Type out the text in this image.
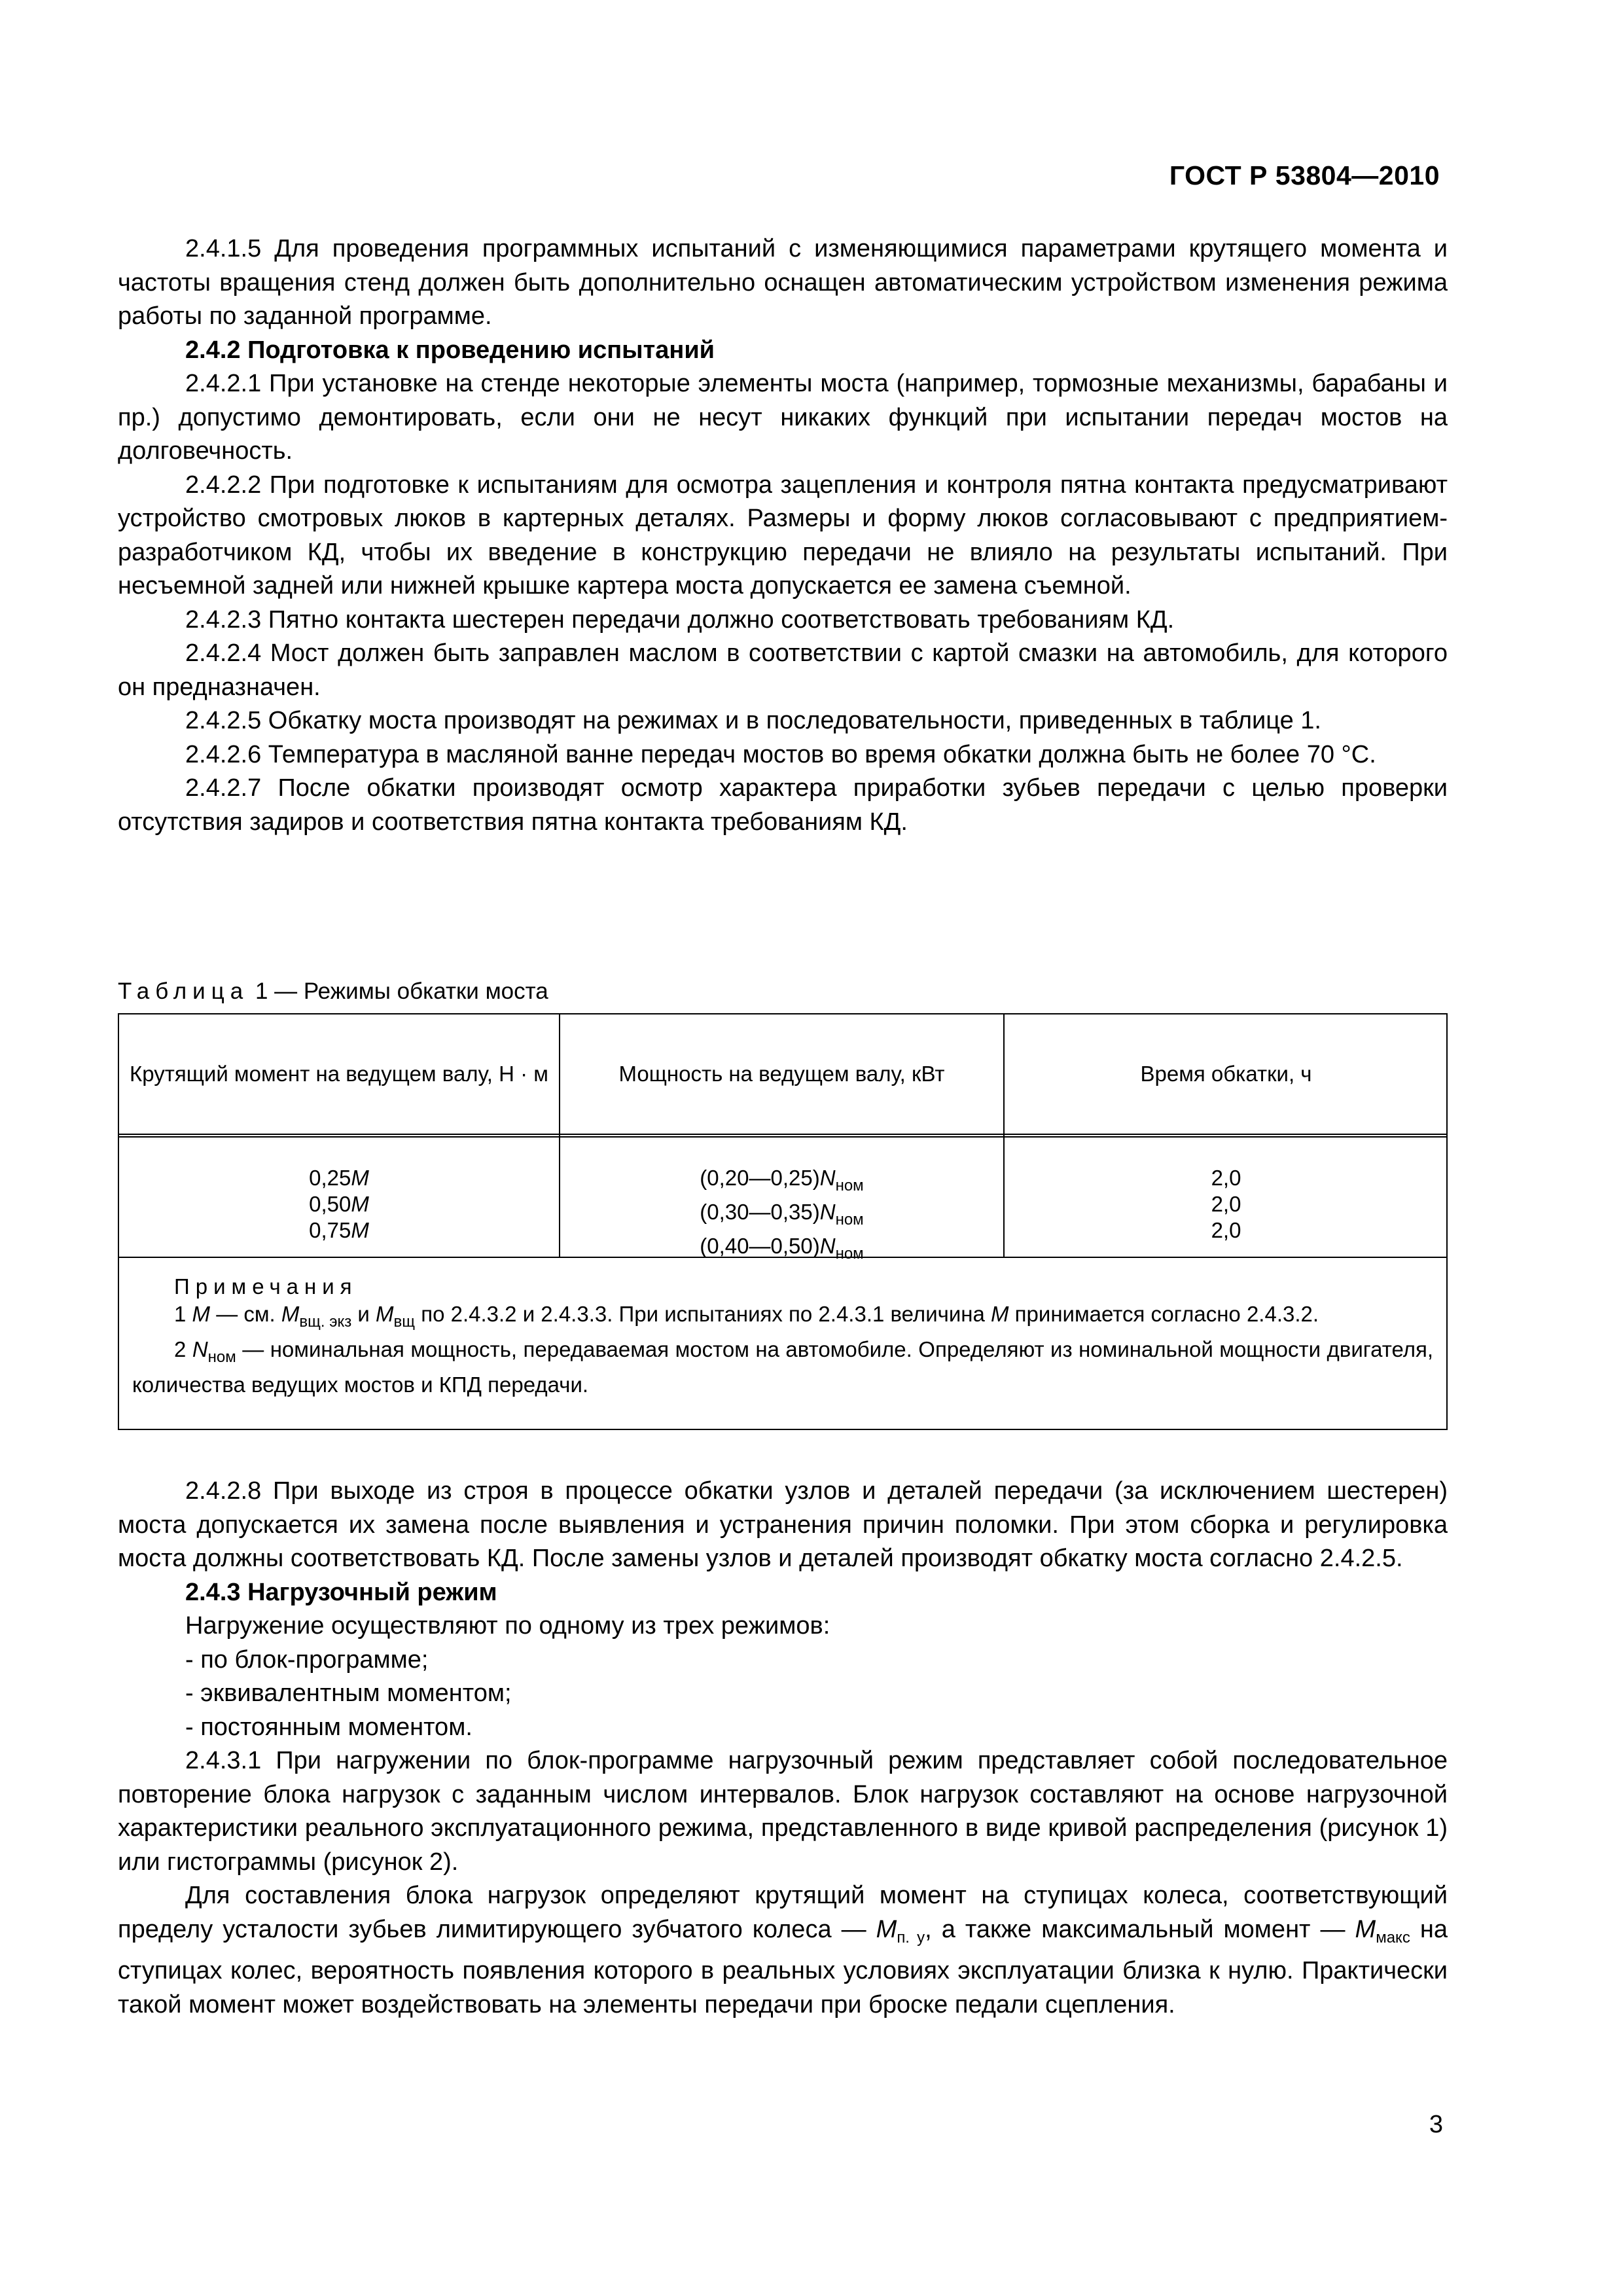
ГОСТ Р 53804—2010

2.4.1.5 Для проведения программных испытаний с изменяющимися параметрами крутящего момента и частоты вращения стенд должен быть дополнительно оснащен автоматическим устройством изменения режима работы по заданной программе.

2.4.2 Подготовка к проведению испытаний

2.4.2.1 При установке на стенде некоторые элементы моста (например, тормозные механизмы, барабаны и пр.) допустимо демонтировать, если они не несут никаких функций при испытании передач мостов на долговечность.

2.4.2.2 При подготовке к испытаниям для осмотра зацепления и контроля пятна контакта предусматривают устройство смотровых люков в картерных деталях. Размеры и форму люков согласовывают с предприятием-разработчиком КД, чтобы их введение в конструкцию передачи не влияло на результаты испытаний. При несъемной задней или нижней крышке картера моста допускается ее замена съемной.

2.4.2.3 Пятно контакта шестерен передачи должно соответствовать требованиям КД.

2.4.2.4 Мост должен быть заправлен маслом в соответствии с картой смазки на автомобиль, для которого он предназначен.

2.4.2.5 Обкатку моста производят на режимах и в последовательности, приведенных в таблице 1.

2.4.2.6 Температура в масляной ванне передач мостов во время обкатки должна быть не более 70 °С.

2.4.2.7 После обкатки производят осмотр характера приработки зубьев передачи с целью проверки отсутствия задиров и соответствия пятна контакта требованиям КД.

Таблица 1 — Режимы обкатки моста
Крутящий момент на ведущем валу, Н · м	Мощность на ведущем валу, кВт	Время обкатки, ч
0,25M
0,50M
0,75M
$(0,20—0,25)N_{ном}$
$(0,30—0,35)N_{ном}$
$(0,40—0,50)N_{ном}$
2,0
2,0
2,0
Примечания

1 M — см. $M_{вщ. экз}$ и $M_{вщ}$ по 2.4.3.2 и 2.4.3.3. При испытаниях по 2.4.3.1 величина M принимается согласно 2.4.3.2.

2 $N_{ном}$ — номинальная мощность, передаваемая мостом на автомобиле. Определяют из номинальной мощности двигателя, количества ведущих мостов и КПД передачи.

2.4.2.8 При выходе из строя в процессе обкатки узлов и деталей передачи (за исключением шестерен) моста допускается их замена после выявления и устранения причин поломки. При этом сборка и регулировка моста должны соответствовать КД. После замены узлов и деталей производят обкатку моста согласно 2.4.2.5.

2.4.3 Нагрузочный режим

Нагружение осуществляют по одному из трех режимов:

- по блок-программе;

- эквивалентным моментом;

- постоянным моментом.

2.4.3.1 При нагружении по блок-программе нагрузочный режим представляет собой последовательное повторение блока нагрузок с заданным числом интервалов. Блок нагрузок составляют на основе нагрузочной характеристики реального эксплуатационного режима, представленного в виде кривой распределения (рисунок 1) или гистограммы (рисунок 2).

Для составления блока нагрузок определяют крутящий момент на ступицах колеса, соответствующий пределу усталости зубьев лимитирующего зубчатого колеса — $M_{п. у}$, а также максимальный момент — $M_{макс}$ на ступицах колес, вероятность появления которого в реальных условиях эксплуатации близка к нулю. Практически такой момент может воздействовать на элементы передачи при броске педали сцепления.

3
